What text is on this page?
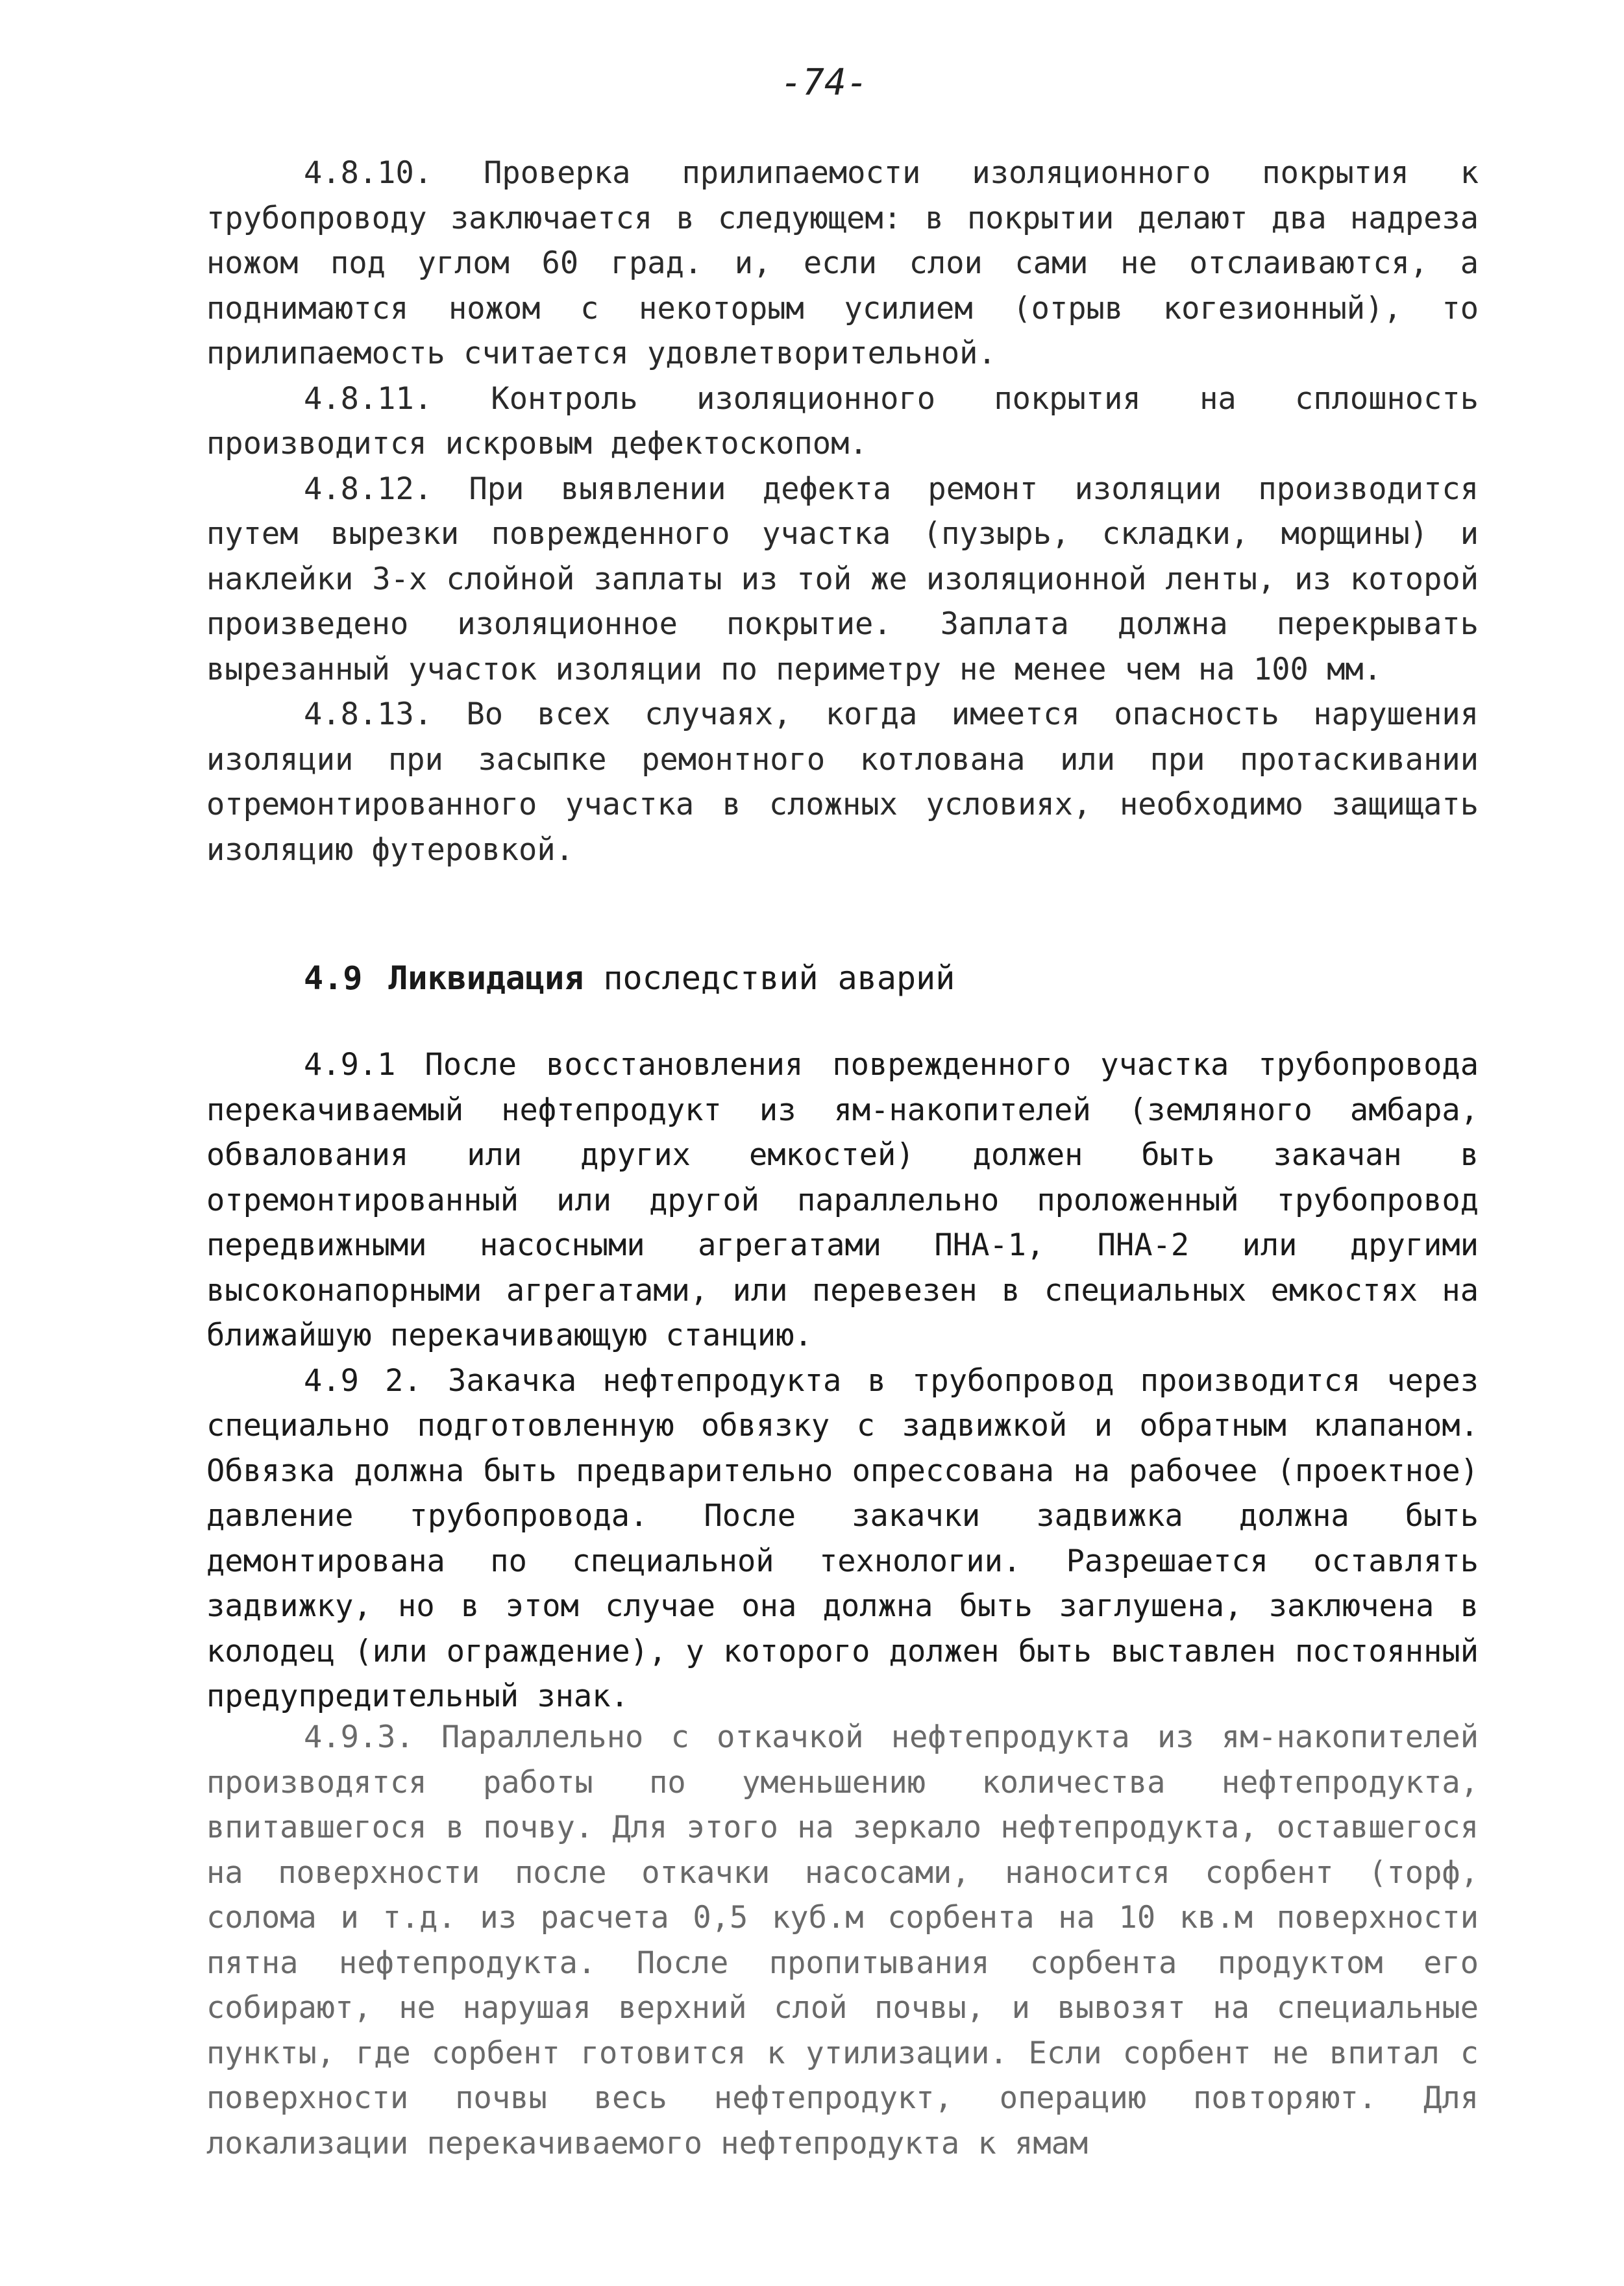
-74-

4.8.10. Проверка прилипаемости изоляционного покрытия к трубопроводу заключается в следующем: в покрытии делают два надреза ножом под углом 60 град. и, если слои сами не отслаиваются, а поднимаются ножом с некоторым усилием (отрыв когезионный), то прилипаемость считается удовлетворительной.

4.8.11. Контроль изоляционного покрытия на сплошность производится искровым дефектоскопом.

4.8.12. При выявлении дефекта ремонт изоляции производится путем вырезки поврежденного участка (пузырь, складки, морщины) и наклейки 3-х слойной заплаты из той же изоляционной ленты, из которой произведено изоляционное покрытие. Заплата должна перекрывать вырезанный участок изоляции по периметру не менее чем на 100 мм.

4.8.13. Во всех случаях, когда имеется опасность нарушения изоляции при засыпке ремонтного котлована или при протаскивании отремонтированного участка в сложных условиях, необходимо защищать изоляцию футеровкой.

4.9 Ликвидация последствий аварий

4.9.1 После восстановления поврежденного участка трубопровода перекачиваемый нефтепродукт из ям-накопителей (земляного амбара, обвалования или других емкостей) должен быть закачан в отремонтированный или другой параллельно проложенный трубопровод передвижными насосными агрегатами ПНА-1, ПНА-2 или другими высоконапорными агрегатами, или перевезен в специальных емкостях на ближайшую перекачивающую станцию.

4.9 2. Закачка нефтепродукта в трубопровод производится через специально подготовленную обвязку с задвижкой и обратным клапаном. Обвязка должна быть предварительно опрессована на рабочее (проектное) давление трубопровода. После закачки задвижка должна быть демонтирована по специальной технологии. Разрешается оставлять задвижку, но в этом случае она должна быть заглушена, заключена в колодец (или ограждение), у которого должен быть выставлен постоянный предупредительный знак.

4.9.3. Параллельно с откачкой нефтепродукта из ям-накопителей производятся работы по уменьшению количества нефтепродукта, впитавшегося в почву. Для этого на зеркало нефтепродукта, оставшегося на поверхности после откачки насосами, наносится сорбент (торф, солома и т.д. из расчета 0,5 куб.м сорбента на 10 кв.м поверхности пятна нефтепродукта. После пропитывания сорбента продуктом его собирают, не нарушая верхний слой почвы, и вывозят на специальные пункты, где сорбент готовится к утилизации. Если сорбент не впитал с поверхности почвы весь нефтепродукт, операцию повторяют. Для локализации перекачиваемого нефтепродукта к ямам
